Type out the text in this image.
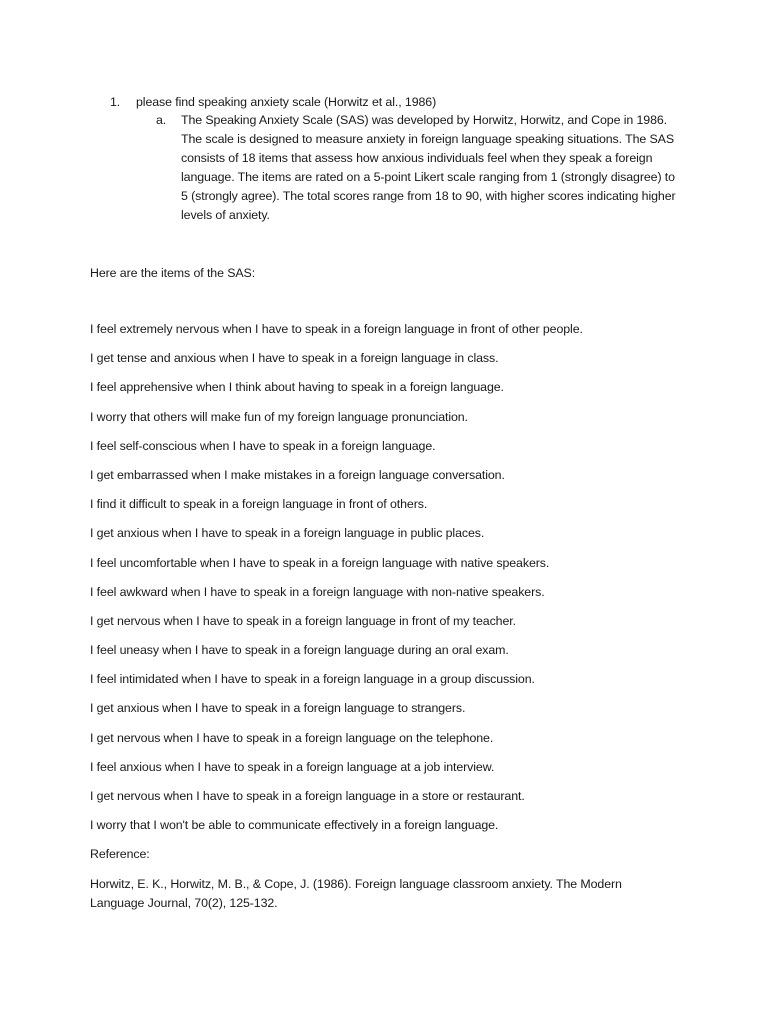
1.	please find speaking anxiety scale (Horwitz et al., 1986)
a. The Speaking Anxiety Scale (SAS) was developed by Horwitz, Horwitz, and Cope in 1986. The scale is designed to measure anxiety in foreign language speaking situations. The SAS consists of 18 items that assess how anxious individuals feel when they speak a foreign language. The items are rated on a 5-point Likert scale ranging from 1 (strongly disagree) to 5 (strongly agree). The total scores range from 18 to 90, with higher scores indicating higher levels of anxiety.
Here are the items of the SAS:
I feel extremely nervous when I have to speak in a foreign language in front of other people.
I get tense and anxious when I have to speak in a foreign language in class.
I feel apprehensive when I think about having to speak in a foreign language.
I worry that others will make fun of my foreign language pronunciation.
I feel self-conscious when I have to speak in a foreign language.
I get embarrassed when I make mistakes in a foreign language conversation.
I find it difficult to speak in a foreign language in front of others.
I get anxious when I have to speak in a foreign language in public places.
I feel uncomfortable when I have to speak in a foreign language with native speakers.
I feel awkward when I have to speak in a foreign language with non-native speakers.
I get nervous when I have to speak in a foreign language in front of my teacher.
I feel uneasy when I have to speak in a foreign language during an oral exam.
I feel intimidated when I have to speak in a foreign language in a group discussion.
I get anxious when I have to speak in a foreign language to strangers.
I get nervous when I have to speak in a foreign language on the telephone.
I feel anxious when I have to speak in a foreign language at a job interview.
I get nervous when I have to speak in a foreign language in a store or restaurant.
I worry that I won't be able to communicate effectively in a foreign language.
Reference:
Horwitz, E. K., Horwitz, M. B., & Cope, J. (1986). Foreign language classroom anxiety. The Modern Language Journal, 70(2), 125-132.
